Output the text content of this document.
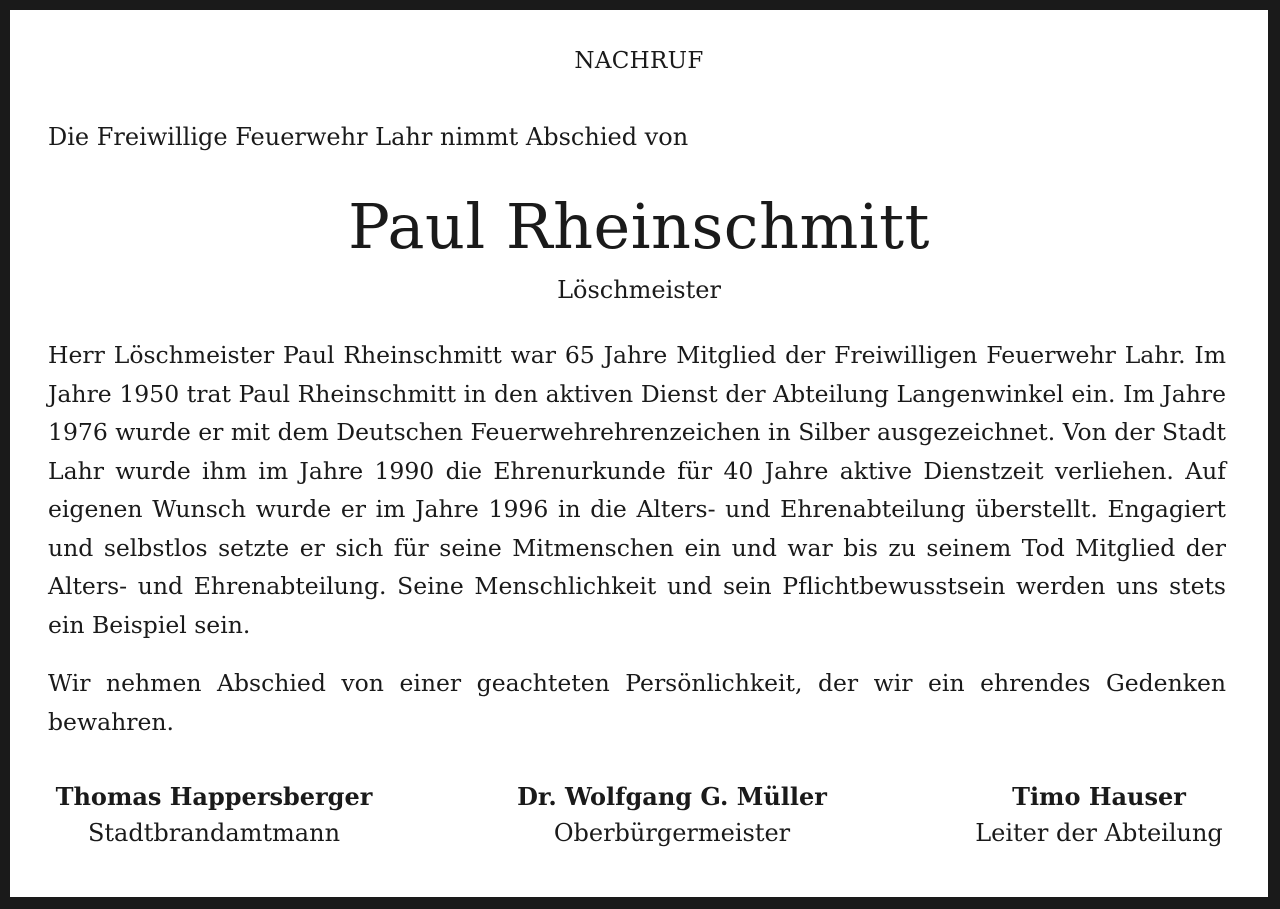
NACHRUF
Die Freiwillige Feuerwehr Lahr nimmt Abschied von
Paul Rheinschmitt
Löschmeister

Herr Löschmeister Paul Rheinschmitt war 65 Jahre Mitglied der Freiwilligen Feuerwehr Lahr. Im Jahre 1950 trat Paul Rheinschmitt in den aktiven Dienst der Abteilung Langenwinkel ein. Im Jahre 1976 wurde er mit dem Deutschen Feuerwehrehrenzeichen in Silber ausgezeichnet. Von der Stadt Lahr wurde ihm im Jahre 1990 die Ehrenurkunde für 40 Jahre aktive Dienstzeit verliehen. Auf eigenen Wunsch wurde er im Jahre 1996 in die Alters- und Ehrenabteilung überstellt. Engagiert und selbstlos setzte er sich für seine Mitmenschen ein und war bis zu seinem Tod Mitglied der Alters- und Ehrenabteilung. Seine Menschlichkeit und sein Pflichtbewusstsein werden uns stets ein Beispiel sein.

Wir nehmen Abschied von einer geachteten Persönlichkeit, der wir ein ehrendes Gedenken bewahren.

Thomas Happersberger
Stadtbrandamtmann
Dr. Wolfgang G. Müller
Oberbürgermeister
Timo Hauser
Leiter der Abteilung
